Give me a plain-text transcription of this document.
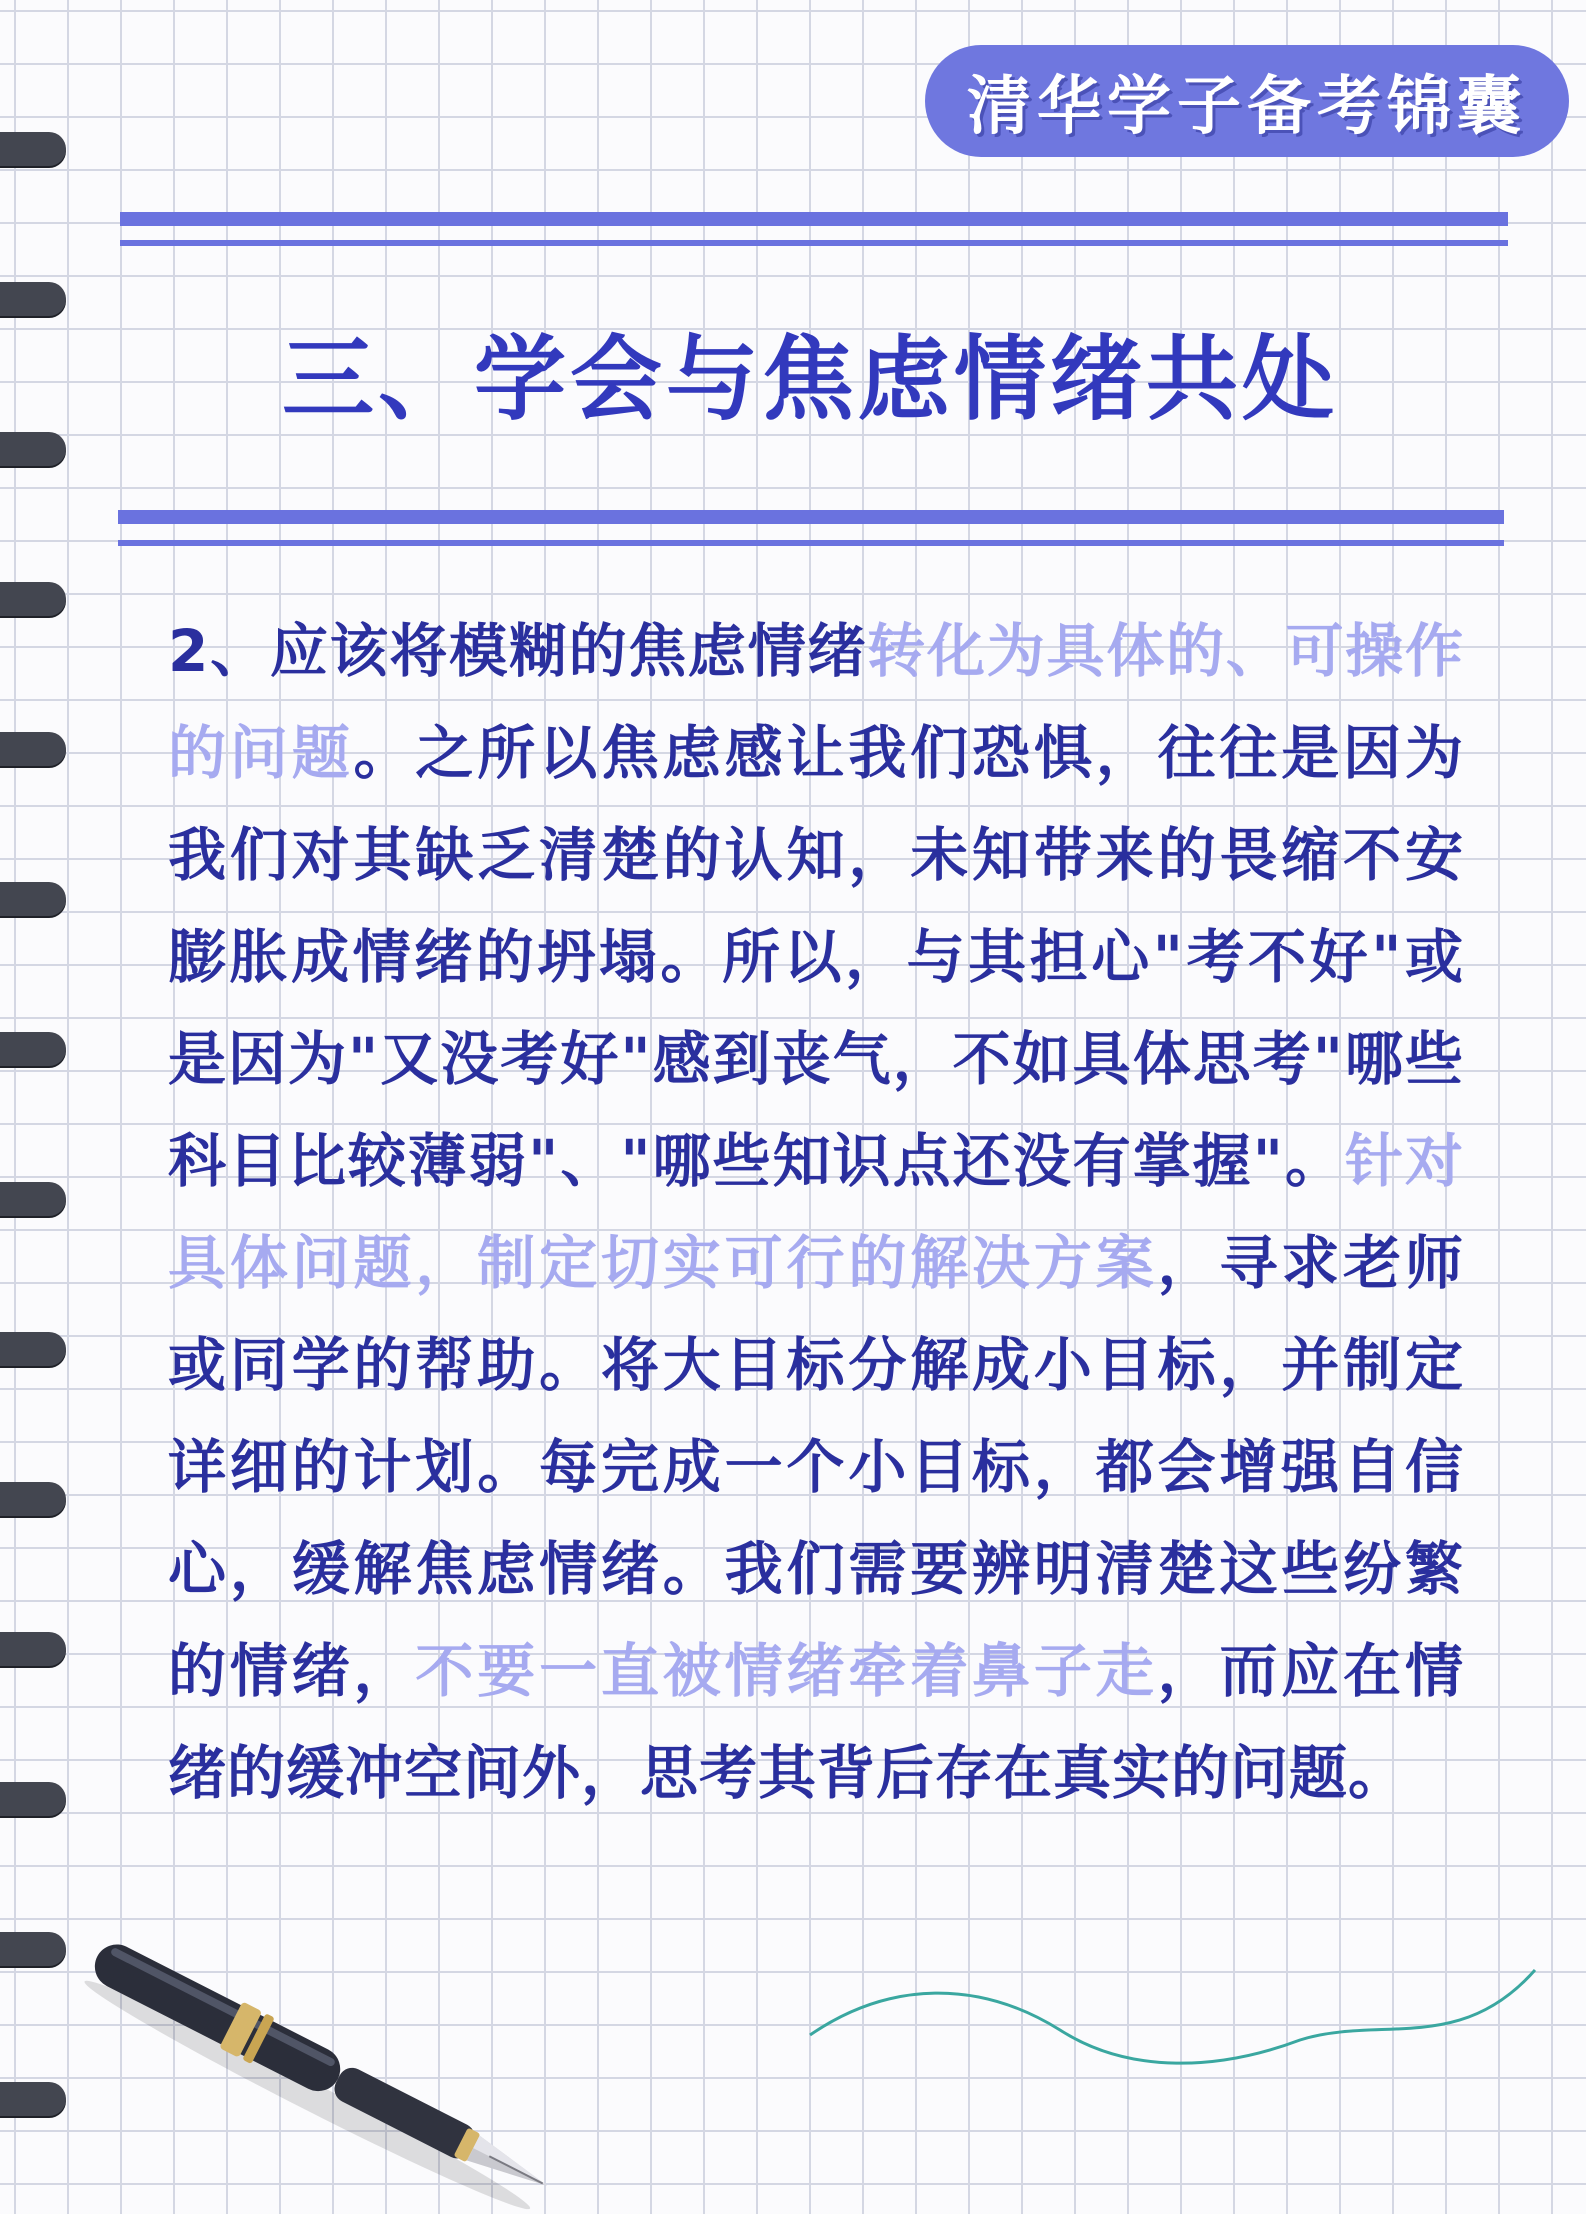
清华学子备考锦囊
三、学会与焦虑情绪共处
2、应该将模糊的焦虑情绪转化为具体的、可操作的问题。之所以焦虑感让我们恐惧，往往是因为我们对其缺乏清楚的认知，未知带来的畏缩不安膨胀成情绪的坍塌。所以，与其担心"考不好"或是因为"又没考好"感到丧气，不如具体思考"哪些科目比较薄弱"、"哪些知识点还没有掌握"。针对具体问题，制定切实可行的解决方案，寻求老师或同学的帮助。将大目标分解成小目标，并制定详细的计划。每完成一个小目标，都会增强自信心，缓解焦虑情绪。我们需要辨明清楚这些纷繁的情绪，不要一直被情绪牵着鼻子走，而应在情绪的缓冲空间外，思考其背后存在真实的问题。
